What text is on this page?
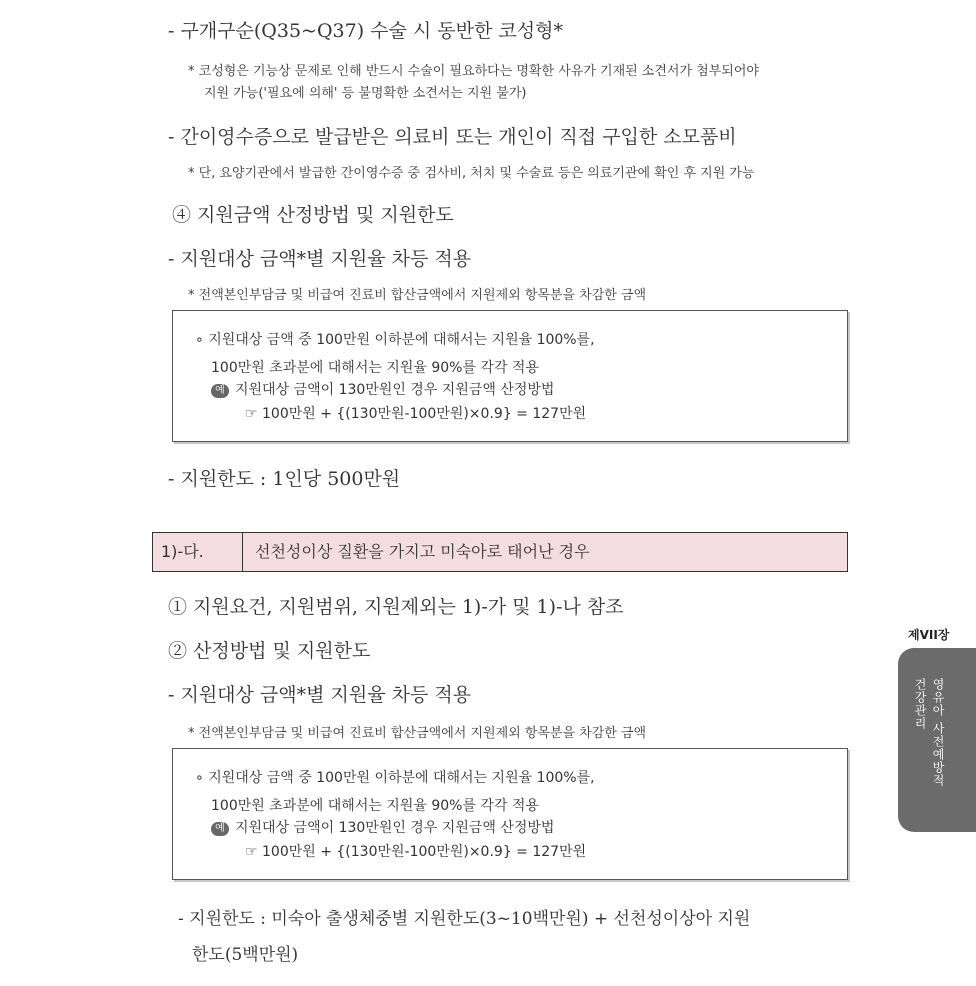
- 구개구순(Q35~Q37) 수술 시 동반한 코성형*
* 코성형은 기능상 문제로 인해 반드시 수술이 필요하다는 명확한 사유가 기재된 소견서가 첨부되어야
지원 가능('필요에 의해' 등 불명확한 소견서는 지원 불가)
- 간이영수증으로 발급받은 의료비 또는 개인이 직접 구입한 소모품비
* 단, 요양기관에서 발급한 간이영수증 중 검사비, 처치 및 수술료 등은 의료기관에 확인 후 지원 가능
④ 지원금액 산정방법 및 지원한도
- 지원대상 금액*별 지원율 차등 적용
* 전액본인부담금 및 비급여 진료비 합산금액에서 지원제외 항목분을 차감한 금액
∘ 지원대상 금액 중 100만원 이하분에 대해서는 지원율 100%를,
100만원 초과분에 대해서는 지원율 90%를 각각 적용
예 지원대상 금액이 130만원인 경우 지원금액 산정방법
☞ 100만원 + {(130만원-100만원)×0.9} = 127만원
- 지원한도 : 1인당 500만원
1)-다.	선천성이상 질환을 가지고 미숙아로 태어난 경우
① 지원요건, 지원범위, 지원제외는 1)-가 및 1)-나 참조
② 산정방법 및 지원한도
- 지원대상 금액*별 지원율 차등 적용
* 전액본인부담금 및 비급여 진료비 합산금액에서 지원제외 항목분을 차감한 금액
∘ 지원대상 금액 중 100만원 이하분에 대해서는 지원율 100%를,
100만원 초과분에 대해서는 지원율 90%를 각각 적용
예 지원대상 금액이 130만원인 경우 지원금액 산정방법
☞ 100만원 + {(130만원-100만원)×0.9} = 127만원
- 지원한도 : 미숙아 출생체중별 지원한도(3~10백만원) + 선천성이상아 지원
한도(5백만원)
제VII장
영유아 사전예방적
건강관리
